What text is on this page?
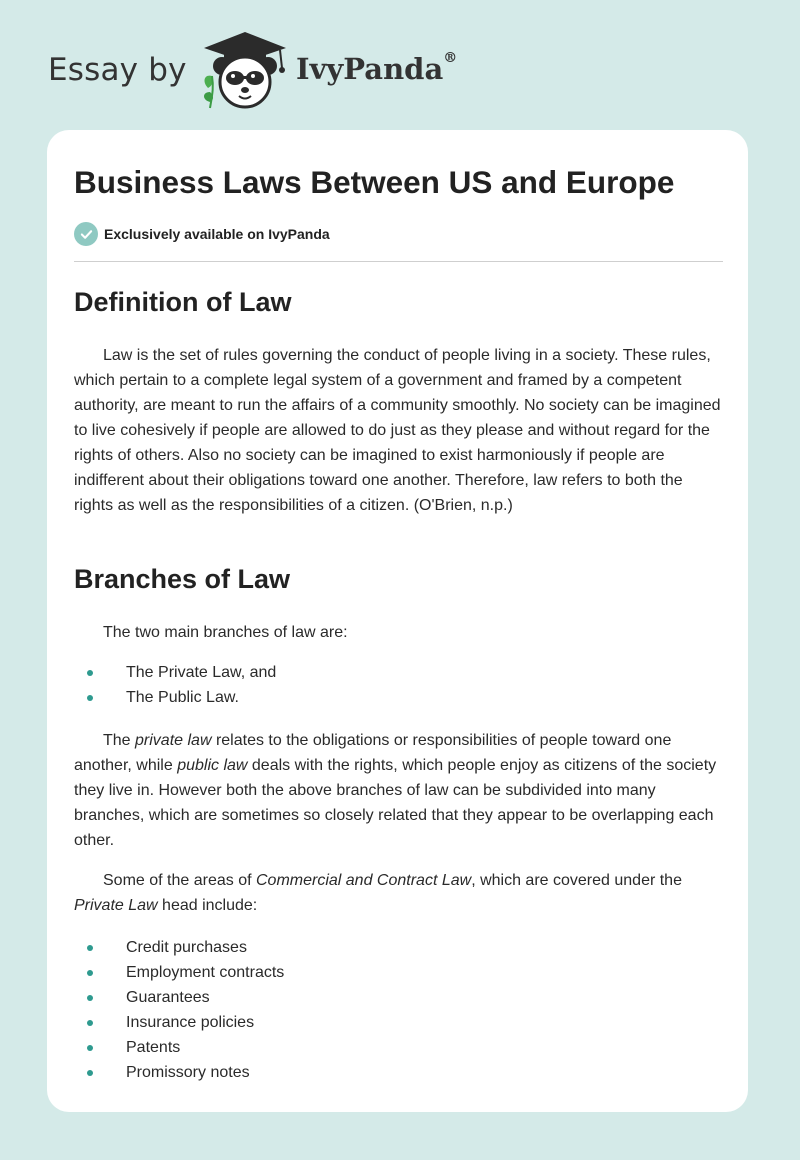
Essay by	IvyPanda®
Business Laws Between US and Europe
Exclusively available on IvyPanda
Definition of Law

Law is the set of rules governing the conduct of people living in a society. These rules, which pertain to a complete legal system of a government and framed by a competent authority, are meant to run the affairs of a community smoothly. No society can be imagined to live cohesively if people are allowed to do just as they please and without regard for the rights of others. Also no society can be imagined to exist harmoniously if people are indifferent about their obligations toward one another. Therefore, law refers to both the rights as well as the responsibilities of a citizen. (O'Brien, n.p.)

Branches of Law

The two main branches of law are:

The Private Law, and
The Public Law.

The private law relates to the obligations or responsibilities of people toward one another, while public law deals with the rights, which people enjoy as citizens of the society they live in. However both the above branches of law can be subdivided into many branches, which are sometimes so closely related that they appear to be overlapping each other.

Some of the areas of Commercial and Contract Law, which are covered under the Private Law head include:

Credit purchases
Employment contracts
Guarantees
Insurance policies
Patents
Promissory notes
